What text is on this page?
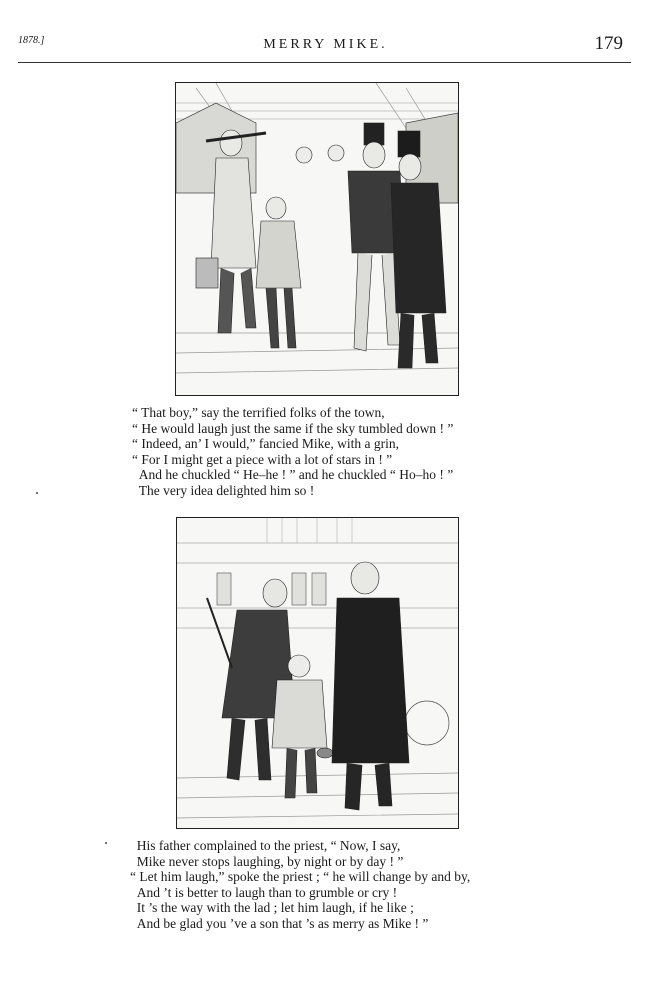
1878.]	MERRY MIKE.	179
“ That boy,” say the terrified folks of the town,
“ He would laugh just the same if the sky tumbled down ! ”
“ Indeed, an’ I would,” fancied Mike, with a grin,
“ For I might get a piece with a lot of stars in ! ”
And he chuckled “ He–he ! ” and he chuckled “ Ho–ho ! ”
The very idea delighted him so !
His father complained to the priest, “ Now, I say,
Mike never stops laughing, by night or by day ! ”
“ Let him laugh,” spoke the priest ; “ he will change by and by,
And ’t is better to laugh than to grumble or cry !
It ’s the way with the lad ; let him laugh, if he like ;
And be glad you ’ve a son that ’s as merry as Mike ! ”
